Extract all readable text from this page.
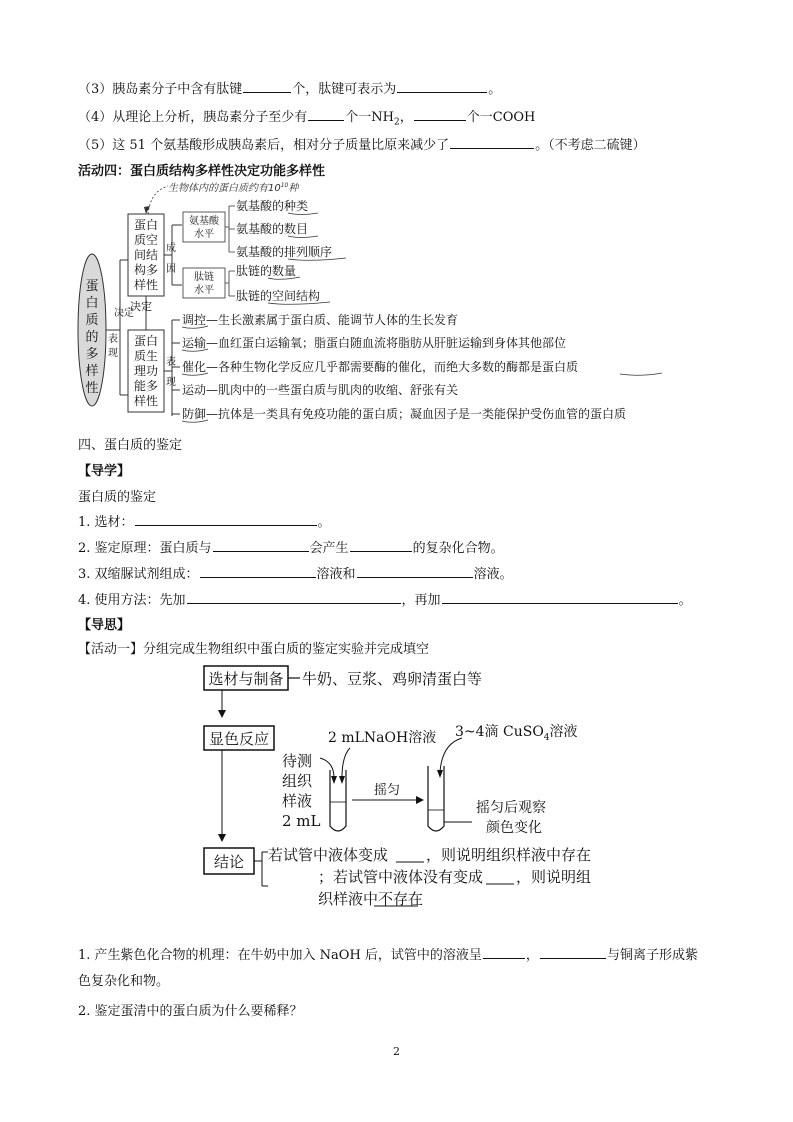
（3）胰岛素分子中含有肽键	个，肽键可表示为	。
（4）从理论上分析，胰岛素分子至少有	个一$NH_2$，	个一COOH
（5）这 51 个氨基酸形成胰岛素后，相对分子质量比原来减少了	。（不考虑二硫键）
活动四：蛋白质结构多样性决定功能多样性
生物体内的蛋白质约有$10^{10}$种
蛋
白
质
的
多
样
性
决定
表
现
蛋白
质空
间结
构多
样性
决定
蛋白
质生
理功
能多
样性
成
因
氨基酸
水平
肽链
水平
氨基酸的种类
氨基酸的数目
氨基酸的排列顺序
肽链的数量
肽链的空间结构
表
现
调控—生长激素属于蛋白质、能调节人体的生长发育
运输—血红蛋白运输氧；脂蛋白随血流将脂肪从肝脏运输到身体其他部位
催化—各种生物化学反应几乎都需要酶的催化，而绝大多数的酶都是蛋白质
运动—肌肉中的一些蛋白质与肌肉的收缩、舒张有关
防御—抗体是一类具有免疫功能的蛋白质；凝血因子是一类能保护受伤血管的蛋白质
四、蛋白质的鉴定
【导学】
蛋白质的鉴定
1. 选材：	。
2. 鉴定原理：蛋白质与	会产生	的复杂化合物。
3. 双缩脲试剂组成：	溶液和	溶液。
4. 使用方法：先加	，再加	。
【导思】
【活动一】分组完成生物组织中蛋白质的鉴定实验并完成填空
选材与制备 牛奶、豆浆、鸡卵清蛋白等
显色反应	2 mLNaOH溶液 3~4滴 CuSO$_4$溶液
待测
组织
样液
2 mL
摇匀
摇匀后观察
颜色变化
结论 若试管中液体变成	，则说明组织样液中存在
；若试管中液体没有变成 ，则说明组
织样液中不存在
1. 产生紫色化合物的机理：在牛奶中加入 NaOH 后，试管中的溶液呈	，	与铜离子形成紫
色复杂化和物。
2. 鉴定蛋清中的蛋白质为什么要稀释？
2
